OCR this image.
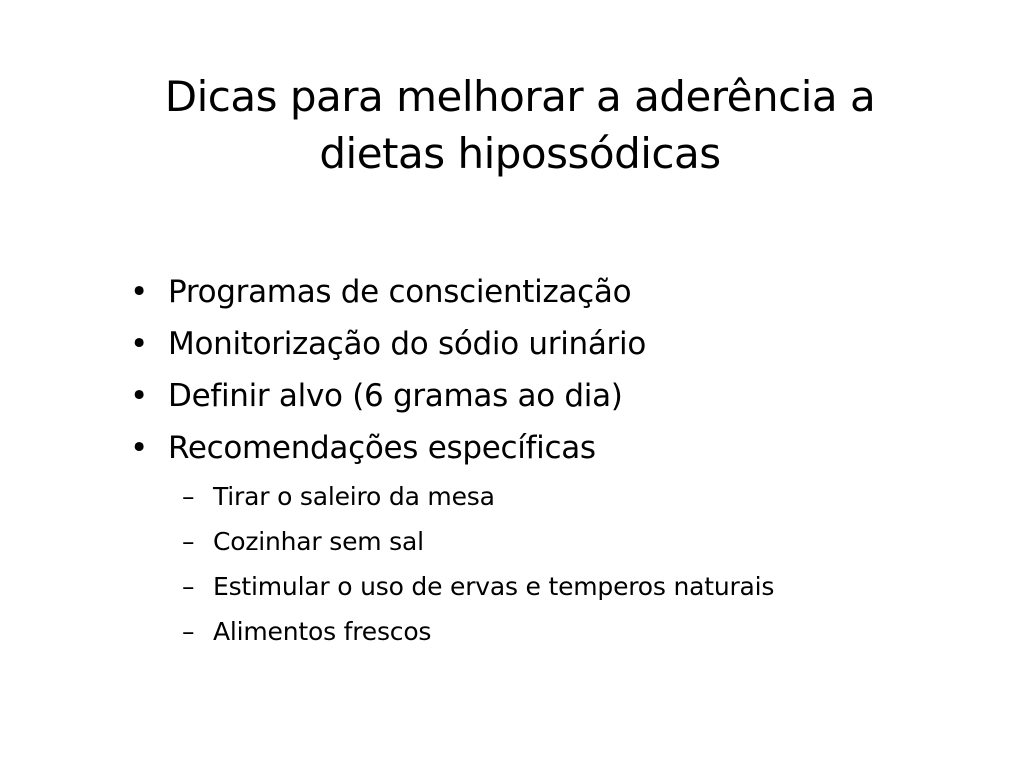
Dicas para melhorar a aderência a
dietas hipossódicas
• Programas de conscientização
• Monitorização do sódio urinário
• Definir alvo (6 gramas ao dia)
• Recomendações específicas
– Tirar o saleiro da mesa
– Cozinhar sem sal
– Estimular o uso de ervas e temperos naturais
– Alimentos frescos
